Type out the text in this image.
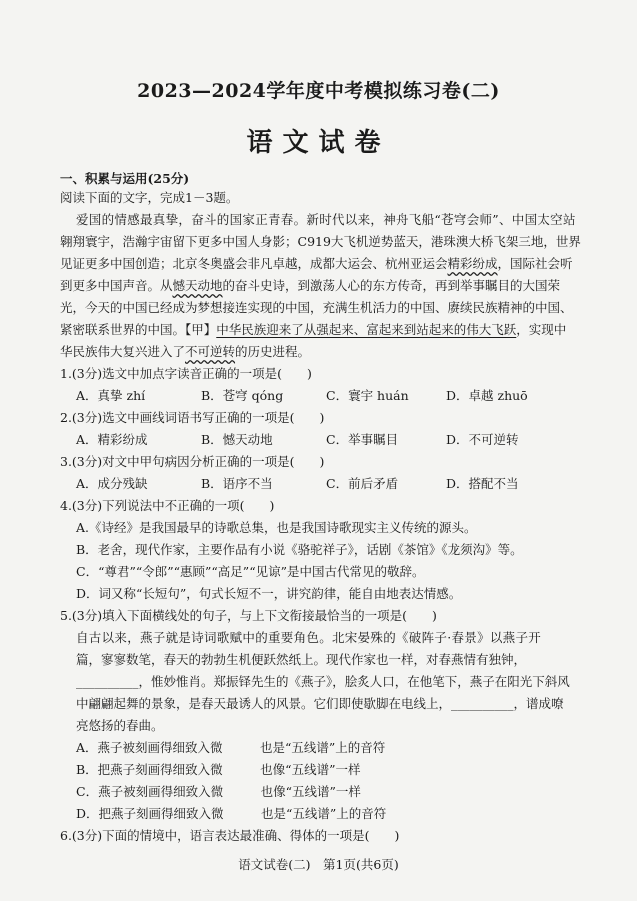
2023—2024学年度中考模拟练习卷(二)
语文试卷
一、积累与运用(25分)
阅读下面的文字，完成1－3题。
爱国的情感最真挚，奋斗的国家正青春。新时代以来，神舟飞船“苍穹会师”、中国太空站
翱翔寰宇，浩瀚宇宙留下更多中国人身影；C919大飞机逆势蓝天，港珠澳大桥飞架三地，世界
见证更多中国创造；北京冬奥盛会非凡卓越，成都大运会、杭州亚运会精彩纷成，国际社会听
到更多中国声音。从憾天动地的奋斗史诗，到激荡人心的东方传奇，再到举事瞩目的大国荣
光，今天的中国已经成为梦想接连实现的中国，充满生机活力的中国、赓续民族精神的中国、
紧密联系世界的中国。【甲】中华民族迎来了从强起来、富起来到站起来的伟大飞跃，实现中
华民族伟大复兴进入了不可逆转的历史进程。
1.(3分)选文中加点字读音正确的一项是(　　)
A．真挚 zhí	B．苍穹 qóng	C．寰宇 huán	D．卓越 zhuō
2.(3分)选文中画线词语书写正确的一项是(　　)
A．精彩纷成	B．憾天动地	C．举事瞩目	D．不可逆转
3.(3分)对文中甲句病因分析正确的一项是(　　)
A．成分残缺	B．语序不当	C．前后矛盾	D．搭配不当
4.(3分)下列说法中不正确的一项(　　)
A.《诗经》是我国最早的诗歌总集，也是我国诗歌现实主义传统的源头。
B．老舍，现代作家，主要作品有小说《骆驼祥子》，话剧《茶馆》《龙须沟》等。
C．“尊君”“令郎”“惠顾”“高足”“见谅”是中国古代常见的敬辞。
D．词又称“长短句”，句式长短不一，讲究韵律，能自由地表达情感。
5.(3分)填入下面横线处的句子，与上下文衔接最恰当的一项是(　　)
自古以来，燕子就是诗词歌赋中的重要角色。北宋晏殊的《破阵子·春景》以燕子开
篇，寥寥数笔，春天的勃勃生机便跃然纸上。现代作家也一样，对春燕情有独钟，
__________，惟妙惟肖。郑振铎先生的《燕子》，脍炙人口，在他笔下，燕子在阳光下斜风
中翩翩起舞的景象，是春天最诱人的风景。它们即使歇脚在电线上，__________，谱成嘹
亮悠扬的春曲。
A．燕子被刻画得细致入微　　　也是“五线谱”上的音符
B．把燕子刻画得细致入微　　　也像“五线谱”一样
C．燕子被刻画得细致入微　　　也像“五线谱”一样
D．把燕子刻画得细致入微　　　也是“五线谱”上的音符
6.(3分)下面的情境中，语言表达最准确、得体的一项是(　　)
语文试卷(二)　第1页(共6页)
